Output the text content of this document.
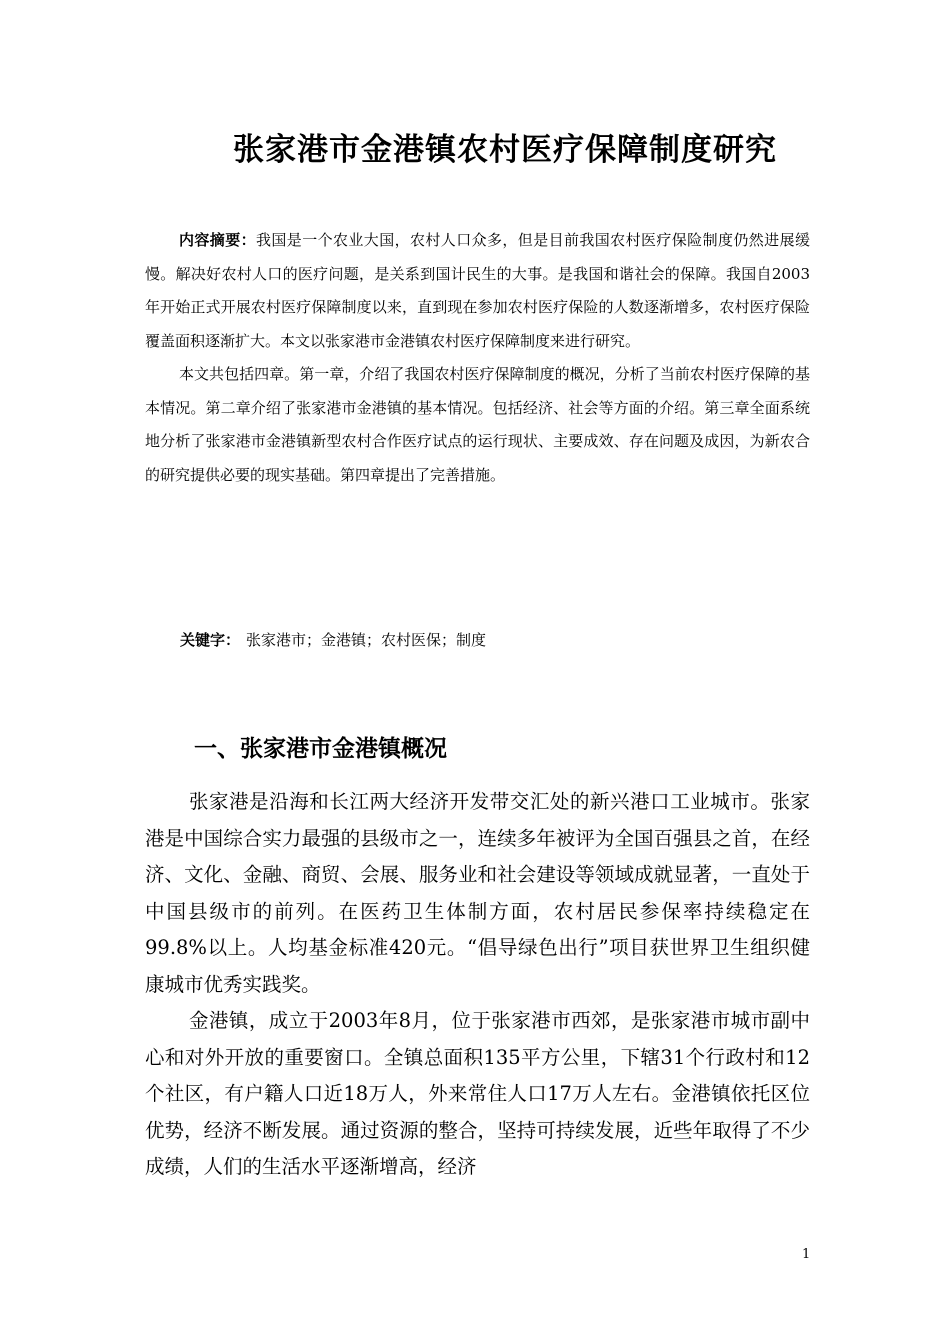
张家港市金港镇农村医疗保障制度研究

内容摘要：我国是一个农业大国，农村人口众多，但是目前我国农村医疗保险制度仍然进展缓慢。解决好农村人口的医疗问题，是关系到国计民生的大事。是我国和谐社会的保障。我国自2003年开始正式开展农村医疗保障制度以来，直到现在参加农村医疗保险的人数逐渐增多，农村医疗保险覆盖面积逐渐扩大。本文以张家港市金港镇农村医疗保障制度来进行研究。

本文共包括四章。第一章，介绍了我国农村医疗保障制度的概况，分析了当前农村医疗保障的基本情况。第二章介绍了张家港市金港镇的基本情况。包括经济、社会等方面的介绍。第三章全面系统地分析了张家港市金港镇新型农村合作医疗试点的运行现状、主要成效、存在问题及成因，为新农合的研究提供必要的现实基础。第四章提出了完善措施。

关键字： 张家港市；金港镇；农村医保；制度
一、张家港市金港镇概况

张家港是沿海和长江两大经济开发带交汇处的新兴港口工业城市。张家港是中国综合实力最强的县级市之一，连续多年被评为全国百强县之首，在经济、文化、金融、商贸、会展、服务业和社会建设等领域成就显著，一直处于中国县级市的前列。在医药卫生体制方面，农村居民参保率持续稳定在99.8%以上。人均基金标准420元。“倡导绿色出行”项目获世界卫生组织健康城市优秀实践奖。

金港镇，成立于2003年8月，位于张家港市西郊，是张家港市城市副中心和对外开放的重要窗口。全镇总面积135平方公里，下辖31个行政村和12个社区，有户籍人口近18万人，外来常住人口17万人左右。金港镇依托区位优势，经济不断发展。通过资源的整合，坚持可持续发展，近些年取得了不少成绩，人们的生活水平逐渐增高，经济

1
